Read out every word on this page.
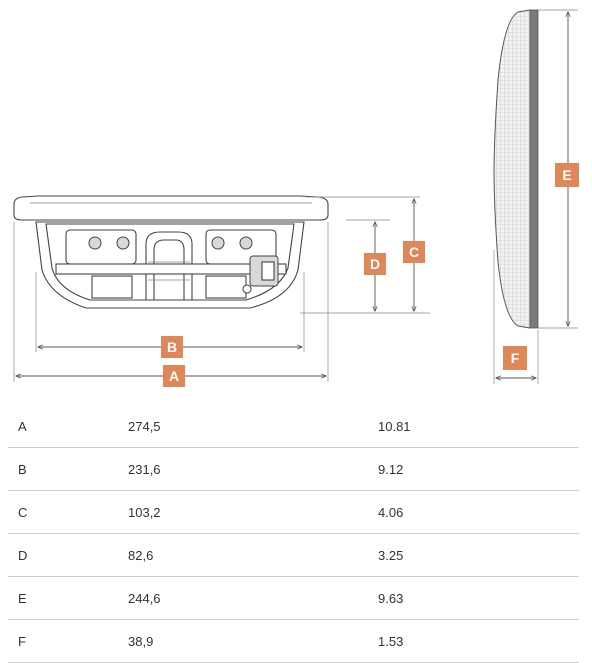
A
B
C
D
E
F
A	274,5	10.81
B	231,6	9.12
C	103,2	4.06
D	82,6	3.25
E	244,6	9.63
F	38,9	1.53
